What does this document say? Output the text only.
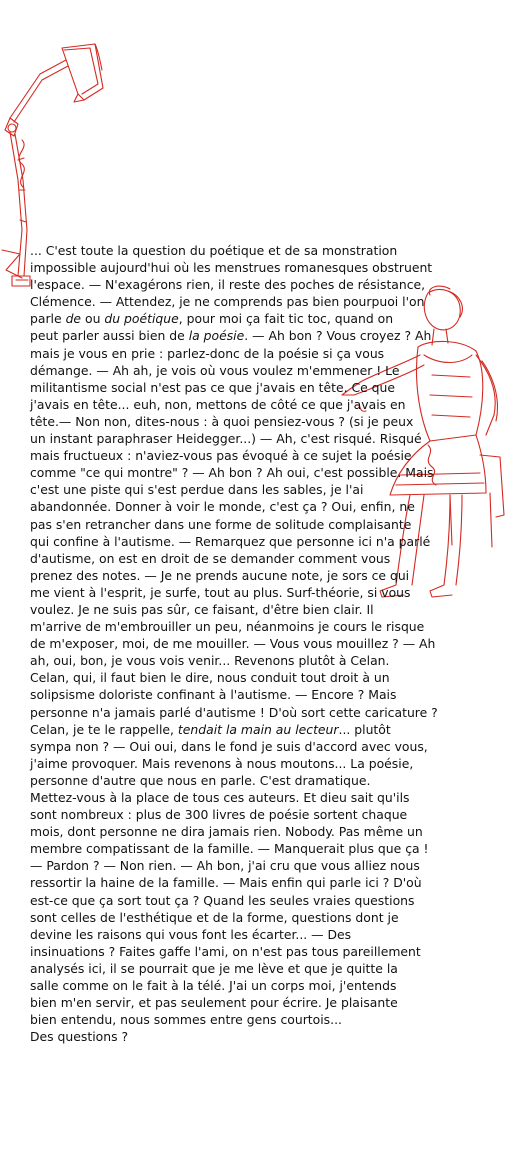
... C'est toute la question du poétique et de sa monstration
impossible aujourd'hui où les menstrues romanesques obstruent
l'espace. — N'exagérons rien, il reste des poches de résistance,
Clémence. — Attendez, je ne comprends pas bien pourpuoi l'on
parle de ou du poétique, pour moi ça fait tic toc, quand on
peut parler aussi bien de la poésie. — Ah bon ? Vous croyez ? Ah
mais je vous en prie : parlez-donc de la poésie si ça vous
démange. — Ah ah, je vois où vous voulez m'emmener ! Le
militantisme social n'est pas ce que j'avais en tête. Ce que
j'avais en tête... euh, non, mettons de côté ce que j'avais en
tête.— Non non, dites-nous : à quoi pensiez-vous ? (si je peux
un instant paraphraser Heidegger...) — Ah, c'est risqué. Risqué
mais fructueux : n'aviez-vous pas évoqué à ce sujet la poésie
comme "ce qui montre" ? — Ah bon ? Ah oui, c'est possible. Mais
c'est une piste qui s'est perdue dans les sables, je l'ai
abandonnée. Donner à voir le monde, c'est ça ? Oui, enfin, ne
pas s'en retrancher dans une forme de solitude complaisante
qui confine à l'autisme. — Remarquez que personne ici n'a parlé
d'autisme, on est en droit de se demander comment vous
prenez des notes. — Je ne prends aucune note, je sors ce qui
me vient à l'esprit, je surfe, tout au plus. Surf-théorie, si vous
voulez. Je ne suis pas sûr, ce faisant, d'être bien clair. Il
m'arrive de m'embrouiller un peu, néanmoins je cours le risque
de m'exposer, moi, de me mouiller. — Vous vous mouillez ? — Ah
ah, oui, bon, je vous vois venir... Revenons plutôt à Celan.
Celan, qui, il faut bien le dire, nous conduit tout droit à un
solipsisme doloriste confinant à l'autisme. — Encore ? Mais
personne n'a jamais parlé d'autisme ! D'où sort cette caricature ?
Celan, je te le rappelle, tendait la main au lecteur... plutôt
sympa non ? — Oui oui, dans le fond je suis d'accord avec vous,
j'aime provoquer. Mais revenons à nous moutons... La poésie,
personne d'autre que nous en parle. C'est dramatique.
Mettez-vous à la place de tous ces auteurs. Et dieu sait qu'ils
sont nombreux : plus de 300 livres de poésie sortent chaque
mois, dont personne ne dira jamais rien. Nobody. Pas même un
membre compatissant de la famille. — Manquerait plus que ça !
— Pardon ? — Non rien. — Ah bon, j'ai cru que vous alliez nous
ressortir la haine de la famille. — Mais enfin qui parle ici ? D'où
est-ce que ça sort tout ça ? Quand les seules vraies questions
sont celles de l'esthétique et de la forme, questions dont je
devine les raisons qui vous font les écarter... — Des
insinuations ? Faites gaffe l'ami, on n'est pas tous pareillement
analysés ici, il se pourrait que je me lève et que je quitte la
salle comme on le fait à la télé. J'ai un corps moi, j'entends
bien m'en servir, et pas seulement pour écrire. Je plaisante
bien entendu, nous sommes entre gens courtois...
Des questions ?
